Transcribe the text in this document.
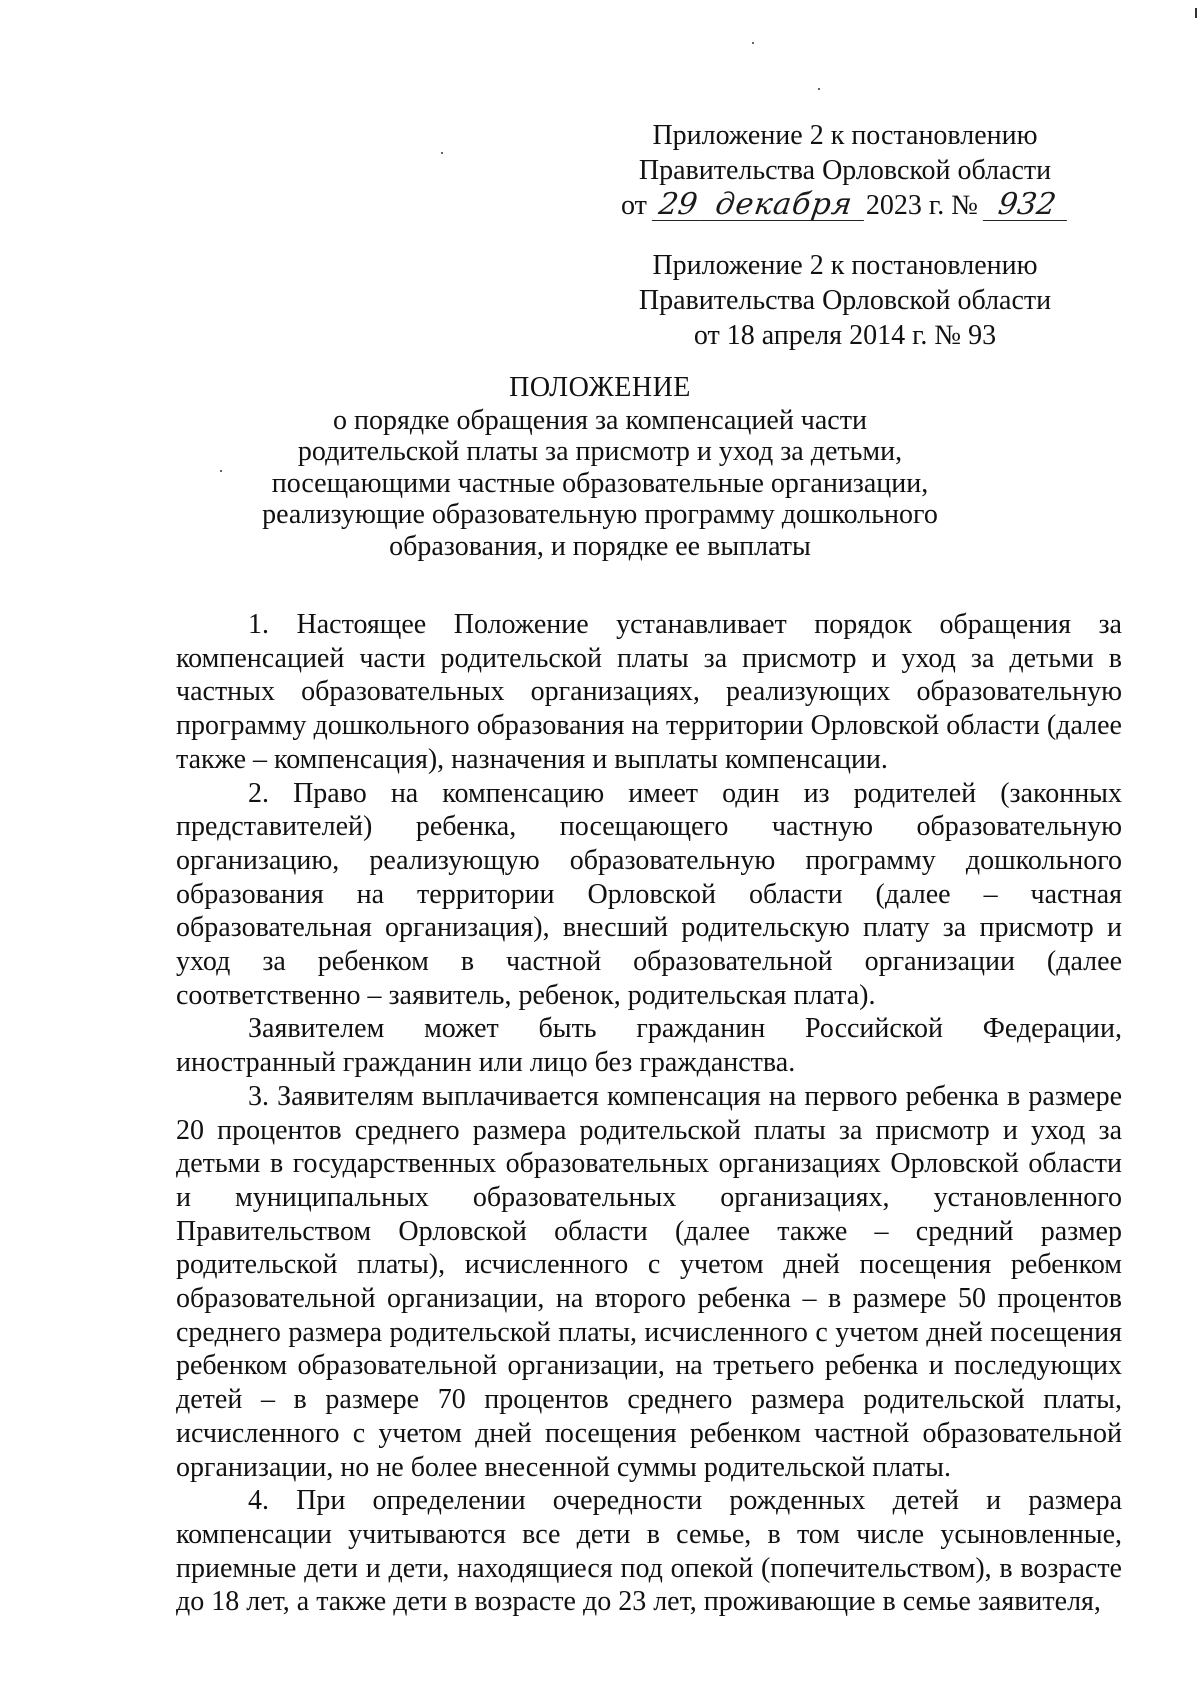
Приложение 2 к постановлению
Правительства Орловской области
от
29 декабря 2023 г. №
932
Приложение 2 к постановлению
Правительства Орловской области
от 18 апреля 2014 г. № 93
ПОЛОЖЕНИЕ
о порядке обращения за компенсацией части
родительской платы за присмотр и уход за детьми,
посещающими частные образовательные организации,
реализующие образовательную программу дошкольного
образования, и порядке ее выплаты

1. Настоящее Положение устанавливает порядок обращения за компенсацией части родительской платы за присмотр и уход за детьми в частных образовательных организациях, реализующих образовательную программу дошкольного образования на территории Орловской области (далее также – компенсация), назначения и выплаты компенсации.

2. Право на компенсацию имеет один из родителей (законных представителей) ребенка, посещающего частную образовательную организацию, реализующую образовательную программу дошкольного образования на территории Орловской области (далее – частная образовательная организация), внесший родительскую плату за присмотр и уход за ребенком в частной образовательной организации (далее соответственно – заявитель, ребенок, родительская плата).

Заявителем может быть гражданин Российской Федерации, иностранный гражданин или лицо без гражданства.

3. Заявителям выплачивается компенсация на первого ребенка в размере 20 процентов среднего размера родительской платы за присмотр и уход за детьми в государственных образовательных организациях Орловской области и муниципальных образовательных организациях, установленного Правительством Орловской области (далее также – средний размер родительской платы), исчисленного с учетом дней посещения ребенком образовательной организации, на второго ребенка – в размере 50 процентов среднего размера родительской платы, исчисленного с учетом дней посещения ребенком образовательной организации, на третьего ребенка и последующих детей – в размере 70 процентов среднего размера родительской платы, исчисленного с учетом дней посещения ребенком частной образовательной организации, но не более внесенной суммы родительской платы.

4. При определении очередности рожденных детей и размера компенсации учитываются все дети в семье, в том числе усыновленные, приемные дети и дети, находящиеся под опекой (попечительством), в возрасте до 18 лет, а также дети в возрасте до 23 лет, проживающие в семье заявителя,
